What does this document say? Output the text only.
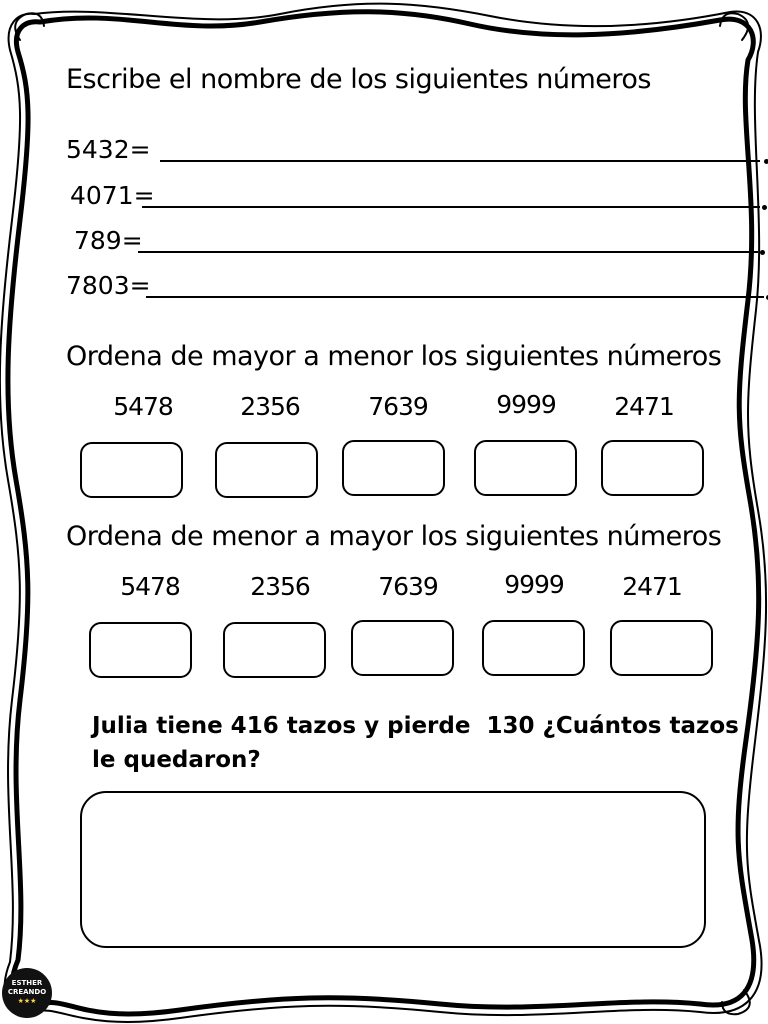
Escribe el nombre de los siguientes números
5432=
4071=
789=
7803=
Ordena de mayor a menor los siguientes números
5478	2356	7639	9999	2471
Ordena de menor a mayor los siguientes números
5478	2356	7639	9999	2471
Julia tiene 416 tazos y pierde  130 ¿Cuántos tazos
le quedaron?
ESTHER
CREANDO
★★★
